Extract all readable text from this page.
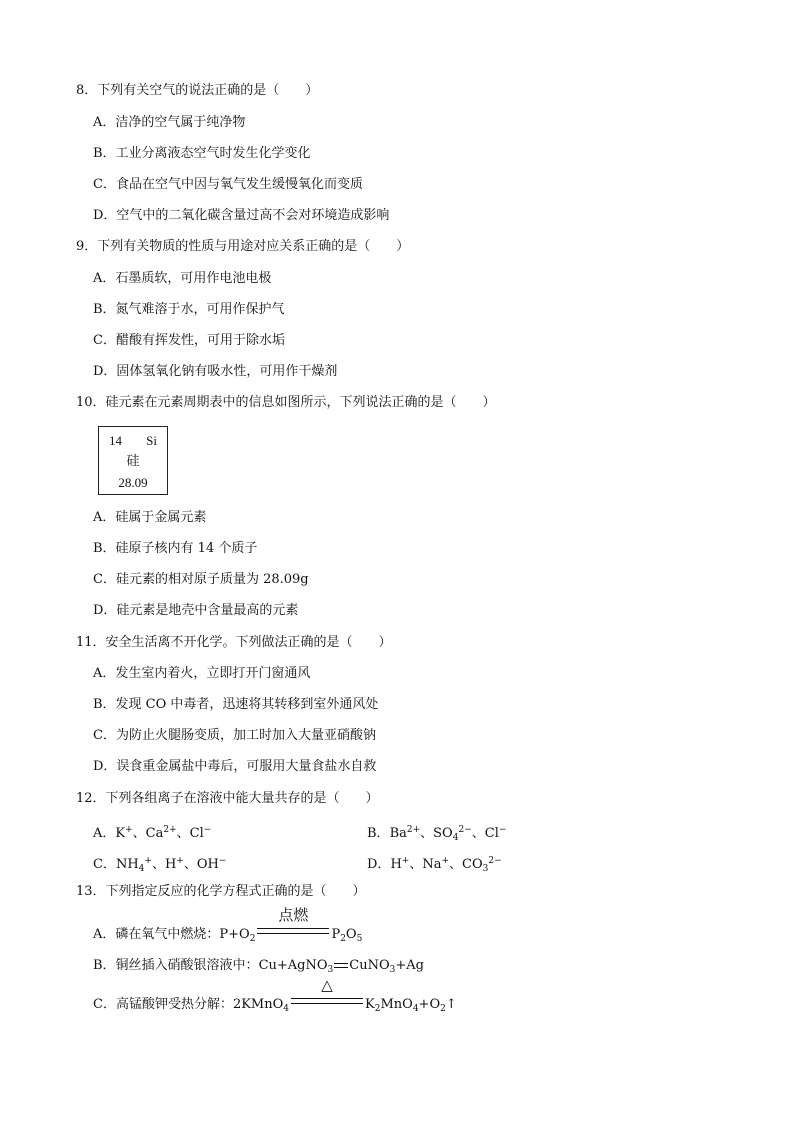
8．下列有关空气的说法正确的是（　　）
A．洁净的空气属于纯净物
B．工业分离液态空气时发生化学变化
C．食品在空气中因与氧气发生缓慢氧化而变质
D．空气中的二氧化碳含量过高不会对环境造成影响
9．下列有关物质的性质与用途对应关系正确的是（　　）
A．石墨质软，可用作电池电极
B．氮气难溶于水，可用作保护气
C．醋酸有挥发性，可用于除水垢
D．固体氢氧化钠有吸水性，可用作干燥剂
10．硅元素在元素周期表中的信息如图所示，下列说法正确的是（　　）
14 Si
硅
28.09
A．硅属于金属元素
B．硅原子核内有 14 个质子
C．硅元素的相对原子质量为 28.09g
D．硅元素是地壳中含量最高的元素
11．安全生活离不开化学。下列做法正确的是（　　）
A．发生室内着火，立即打开门窗通风
B．发现 CO 中毒者，迅速将其转移到室外通风处
C．为防止火腿肠变质，加工时加入大量亚硝酸钠
D．误食重金属盐中毒后，可服用大量食盐水自救
12．下列各组离子在溶液中能大量共存的是（　　）
A．K+、$Ca^{2+}$、Cl−	B．$Ba^{2+}$、$SO_4^{2-}$、Cl−
C．$NH_4^+$、H+、OH−	D．H+、Na+、$CO_3^{2-}$
13．下列指定反应的化学方程式正确的是（　　）
A．磷在氧气中燃烧：$P+O_2$
点燃
$P_2O_5$
B．铜丝插入硝酸银溶液中：Cu+AgNO$_3$ CuNO$_3$+Ag
C．高锰酸钾受热分解：2KMnO$_4$
△
$K_2MnO_4+O_2↑$
